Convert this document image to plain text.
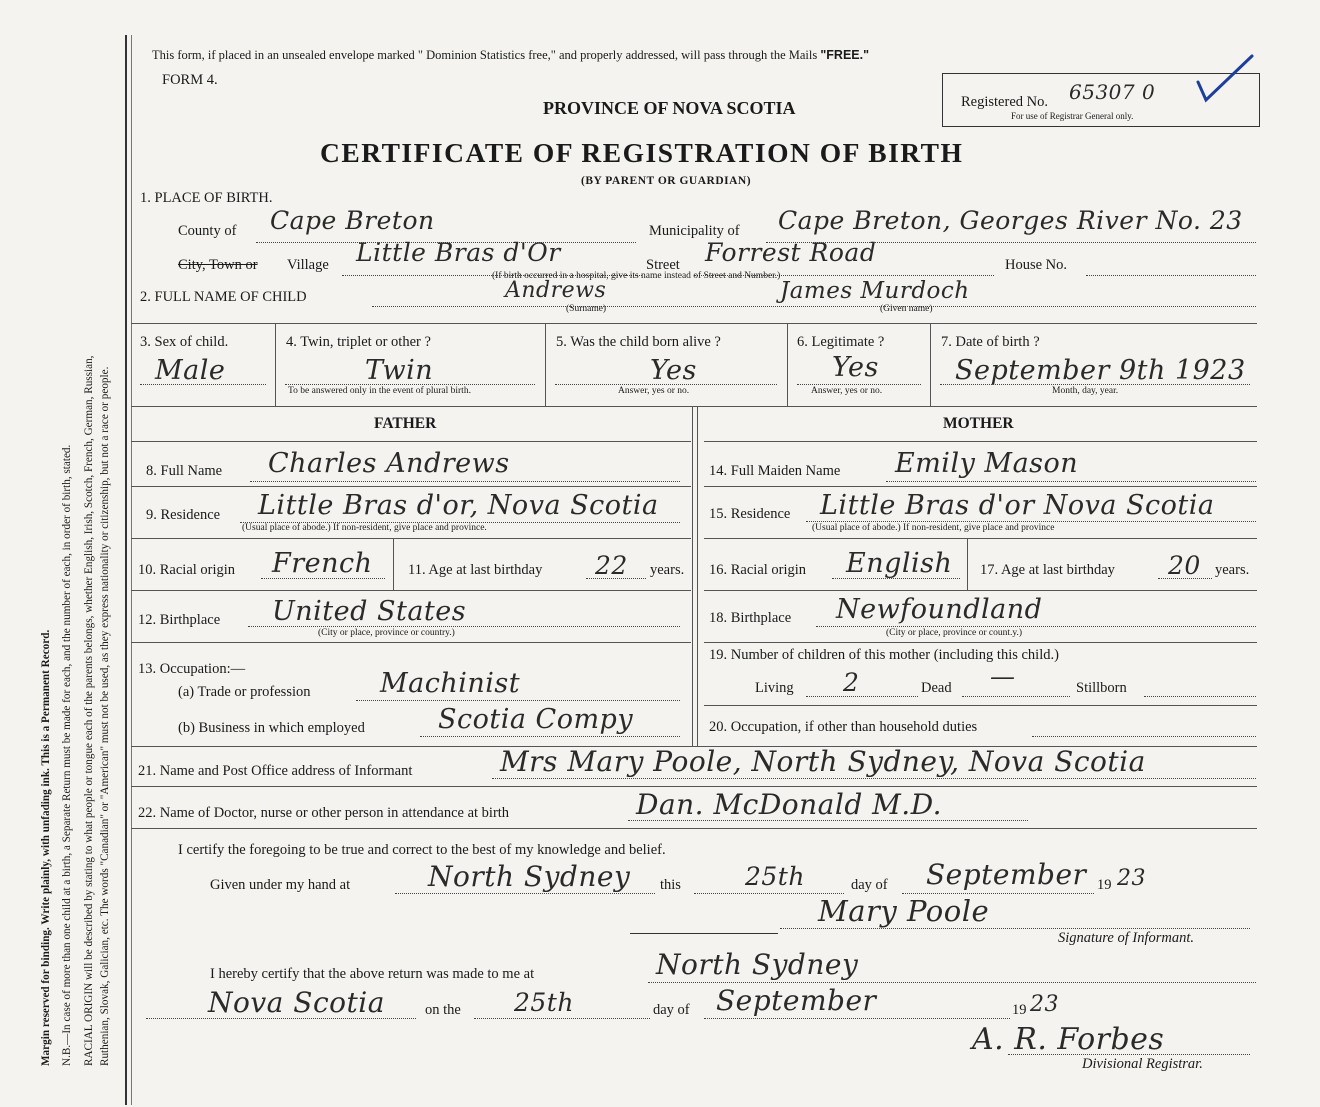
Margin reserved for binding. Write plainly, with unfading ink. This is a Permanent Record. N.B.—In case of more than one child at a birth, a Separate Return must be made for each, and the number of each, in order of birth, stated. RACIAL ORIGIN will be described by stating to what people or tongue each of the parents belongs, whether English, Irish, Scotch, French, German, Russian, Ruthenian, Slovak, Galician, etc. The words "Canadian" or "American" must not be used, as they express nationality or citizenship, but not a race or people.
This form, if placed in an unsealed envelope marked " Dominion Statistics free," and properly addressed, will pass through the Mails "FREE."
FORM 4.
PROVINCE OF NOVA SCOTIA
CERTIFICATE OF REGISTRATION OF BIRTH
(BY PARENT OR GUARDIAN)
Registered No. 65307 0
For use of Registrar General only.
1. PLACE OF BIRTH.
County of Cape Breton	Municipality of Cape Breton, Georges River No. 23
City, Town or Village Little Bras d'Or	Street Forrest Road	House No.
(If birth occurred in a hospital, give its name instead of Street and Number.)
2. FULL NAME OF CHILD	Andrews
(Surname)
James Murdoch
(Given name)
3. Sex of child.
Male
4. Twin, triplet or other ?
Twin
To be answered only in the event of plural birth.
5. Was the child born alive ?
Yes
Answer, yes or no.
6. Legitimate ?
Yes
Answer, yes or no.
7. Date of birth ?
September 9th 1923
Month, day, year.
FATHER	MOTHER
8. Full Name Charles Andrews
9. Residence Little Bras d'or, Nova Scotia
(Usual place of abode.) If non-resident, give place and province.
10. Racial origin French 11. Age at last birthday 22 years.
12. Birthplace United States
(City or place, province or country.)
13. Occupation:—
(a) Trade or profession	Machinist
(b) Business in which employed	Scotia Compy
14. Full Maiden Name Emily Mason
15. Residence Little Bras d'or Nova Scotia
(Usual place of abode.) If non-resident, give place and province
16. Racial origin English 17. Age at last birthday 20 years.
18. Birthplace Newfoundland
(City or place, province or count.y.)
19. Number of children of this mother (including this child.)
Living 2	Dead —	Stillborn
20. Occupation, if other than household duties
21. Name and Post Office address of Informant	Mrs Mary Poole, North Sydney, Nova Scotia
22. Name of Doctor, nurse or other person in attendance at birth	Dan. McDonald M.D.
I certify the foregoing to be true and correct to the best of my knowledge and belief.
Given under my hand at	North Sydney this	25th	day of September 19 23
Mary Poole
Signature of Informant.
I hereby certify that the above return was made to me at	North Sydney
Nova Scotia	on the 25th	day of September	19 23
A. R. Forbes
Divisional Registrar.
